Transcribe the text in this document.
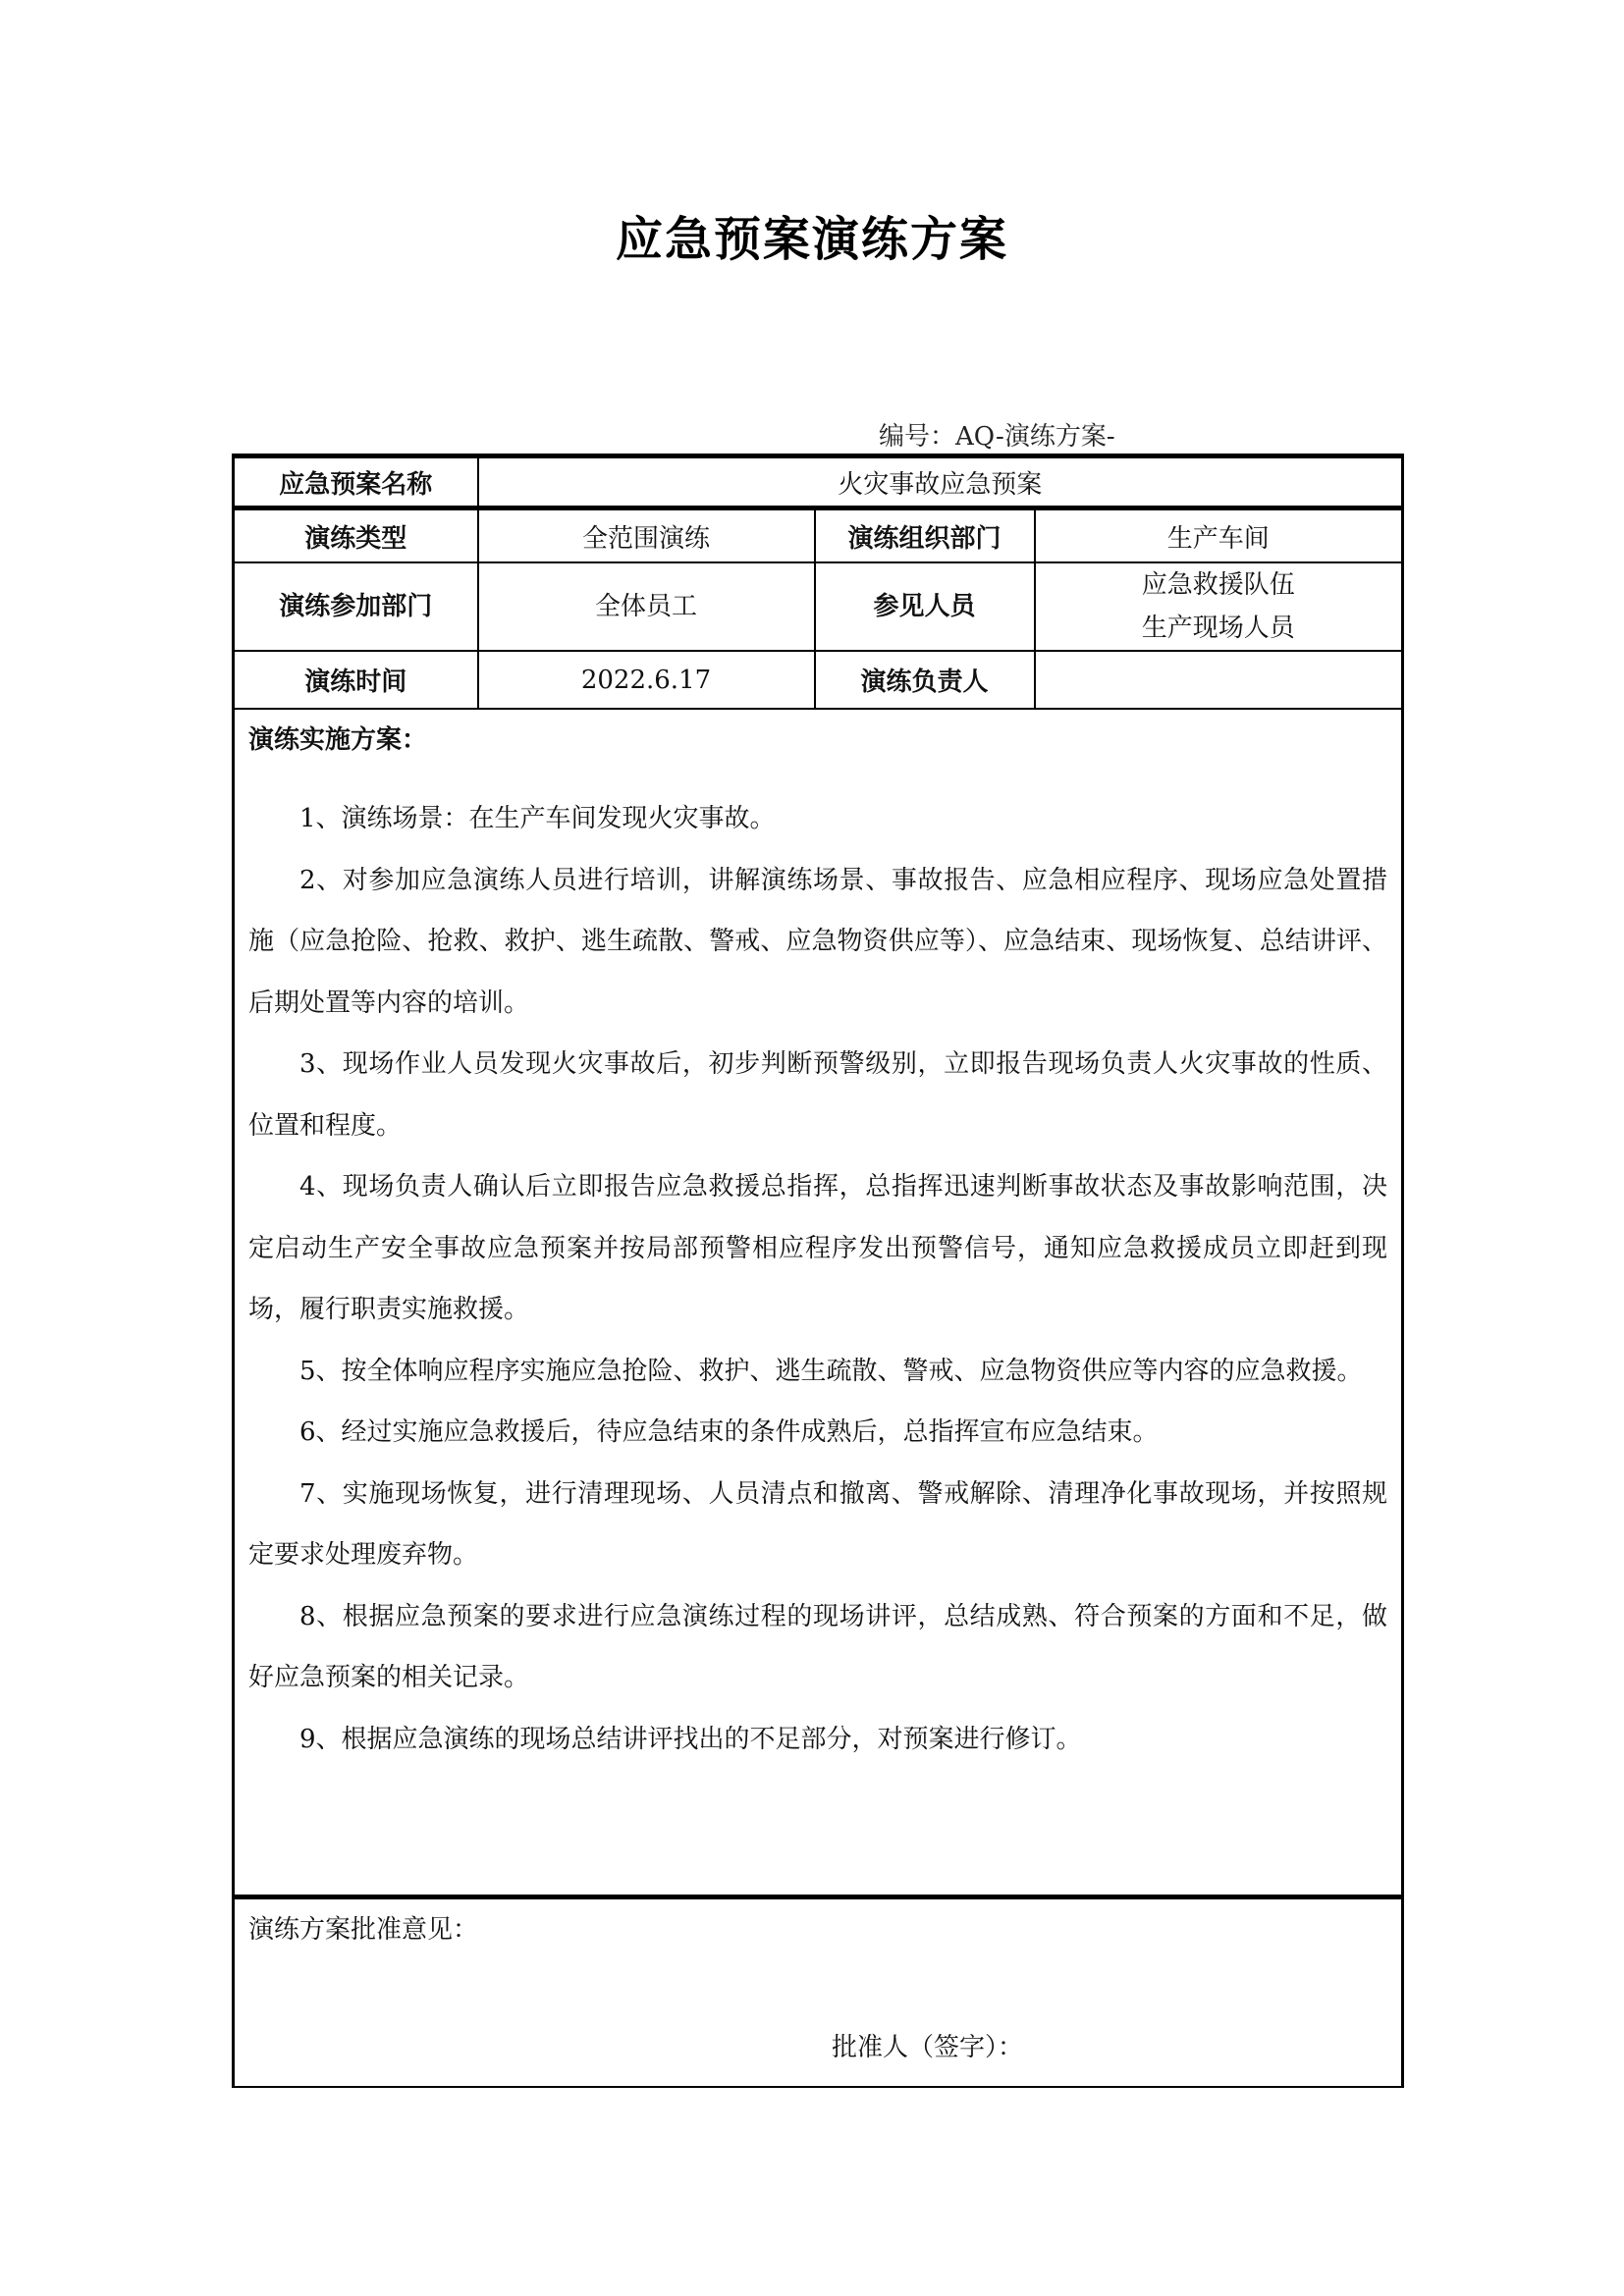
应急预案演练方案
编号：AQ-演练方案-
应急预案名称	火灾事故应急预案		
演练类型	全范围演练	演练组织部门	生产车间
演练参加部门	全体员工	参见人员	应急救援队伍
生产现场人员

演练时间	2022.6.17	演练负责人	

演练实施方案：

1、演练场景：在生产车间发现火灾事故。

2、对参加应急演练人员进行培训，讲解演练场景、事故报告、应急相应程序、现场应急处置措施（应急抢险、抢救、救护、逃生疏散、警戒、应急物资供应等）、应急结束、现场恢复、总结讲评、后期处置等内容的培训。

3、现场作业人员发现火灾事故后，初步判断预警级别，立即报告现场负责人火灾事故的性质、位置和程度。

4、现场负责人确认后立即报告应急救援总指挥，总指挥迅速判断事故状态及事故影响范围，决定启动生产安全事故应急预案并按局部预警相应程序发出预警信号，通知应急救援成员立即赶到现场，履行职责实施救援。

5、按全体响应程序实施应急抢险、救护、逃生疏散、警戒、应急物资供应等内容的应急救援。

6、经过实施应急救援后，待应急结束的条件成熟后，总指挥宣布应急结束。

7、实施现场恢复，进行清理现场、人员清点和撤离、警戒解除、清理净化事故现场，并按照规定要求处理废弃物。

8、根据应急预案的要求进行应急演练过程的现场讲评，总结成熟、符合预案的方面和不足，做好应急预案的相关记录。

9、根据应急演练的现场总结讲评找出的不足部分，对预案进行修订。

演练方案批准意见：
批准人（签字）：			
